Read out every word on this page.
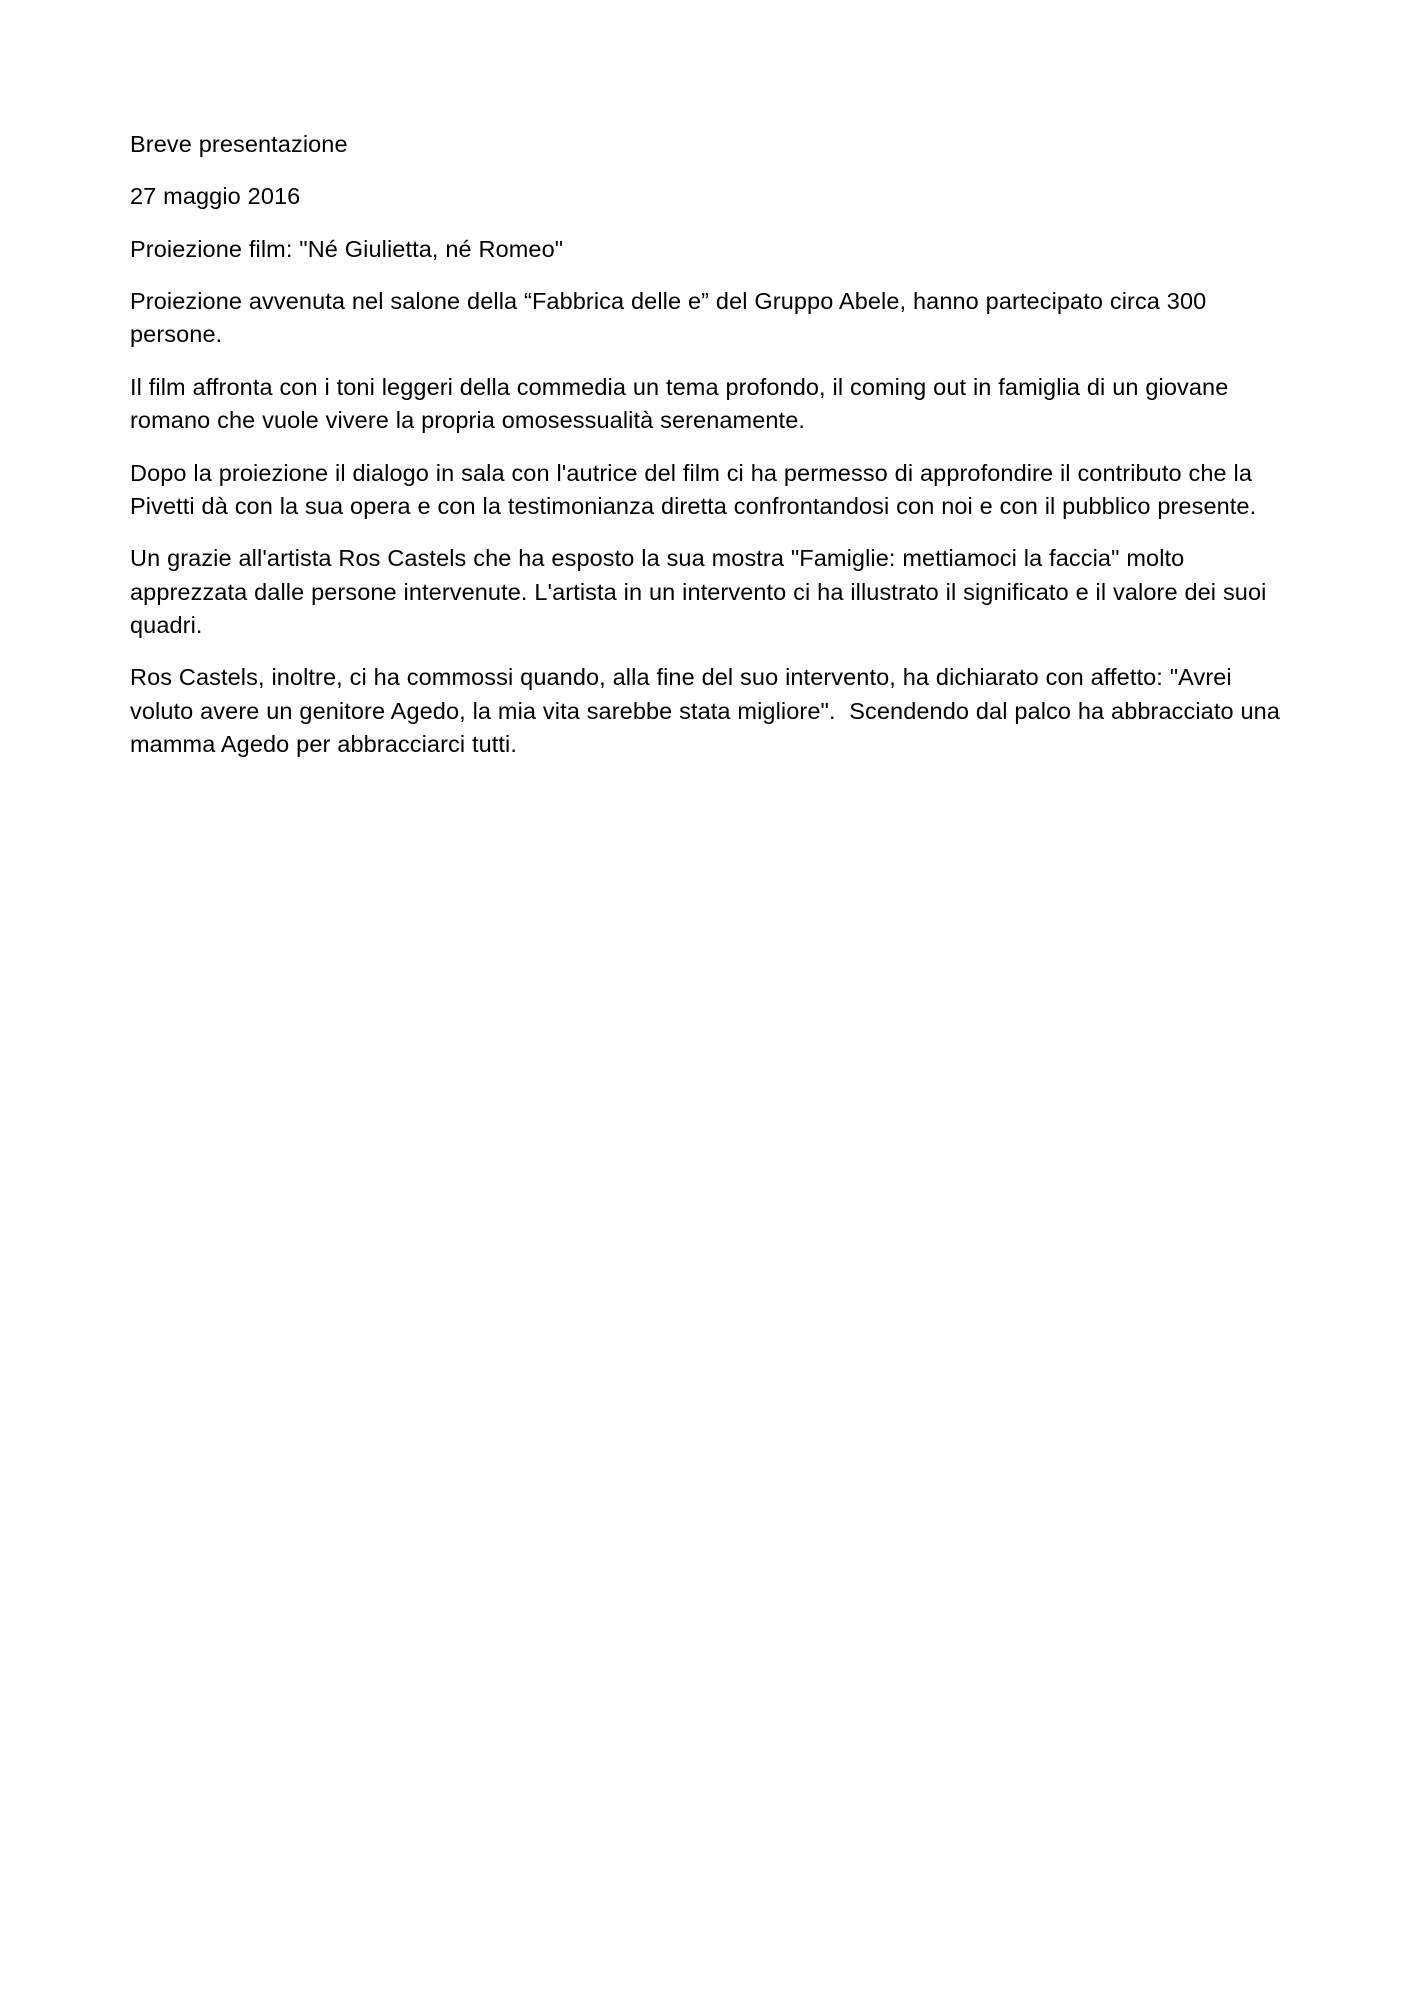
Breve presentazione

27 maggio 2016

Proiezione film: "Né Giulietta, né Romeo"

Proiezione avvenuta nel salone della “Fabbrica delle e” del Gruppo Abele, hanno partecipato circa 300 persone.

Il film affronta con i toni leggeri della commedia un tema profondo, il coming out in famiglia di un giovane romano che vuole vivere la propria omosessualità serenamente.

Dopo la proiezione il dialogo in sala con l'autrice del film ci ha permesso di approfondire il contributo che la Pivetti dà con la sua opera e con la testimonianza diretta confrontandosi con noi e con il pubblico presente.

Un grazie all'artista Ros Castels che ha esposto la sua mostra "Famiglie: mettiamoci la faccia" molto apprezzata dalle persone intervenute. L'artista in un intervento ci ha illustrato il significato e il valore dei suoi quadri.

Ros Castels, inoltre, ci ha commossi quando, alla fine del suo intervento, ha dichiarato con affetto: "Avrei voluto avere un genitore Agedo, la mia vita sarebbe stata migliore".  Scendendo dal palco ha abbracciato una mamma Agedo per abbracciarci tutti.
